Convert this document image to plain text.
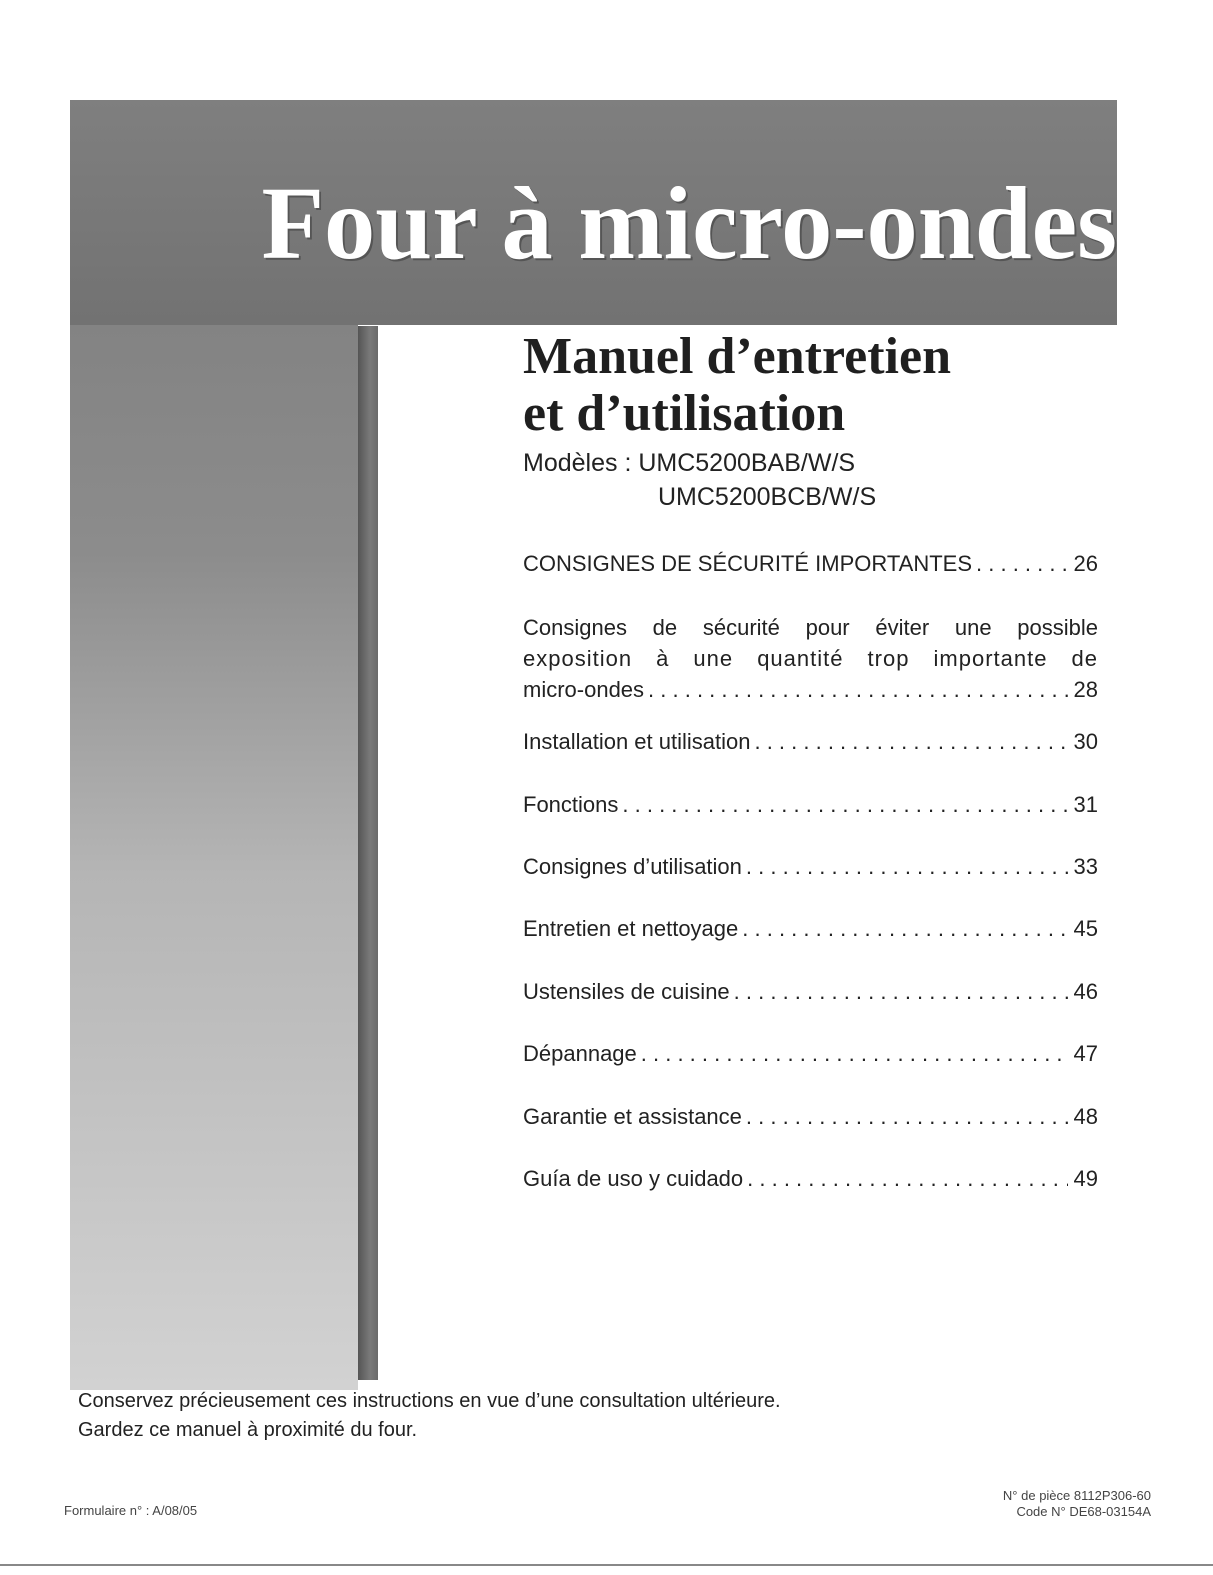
Four à micro-ondes
Manuel d’entretien
et d’utilisation
Modèles : UMC5200BAB/W/S
UMC5200BCB/W/S
CONSIGNES DE SÉCURITÉ IMPORTANTES . . .	26
Consignes de sécurité pour éviter une possible
exposition à une quantité trop importante de
micro-ondes . . .	28
Installation et utilisation . . .	30
Fonctions . . .	31
Consignes d’utilisation . . .	33
Entretien et nettoyage . . .	45
Ustensiles de cuisine . . .	46
Dépannage . . .	47
Garantie et assistance . . .	48
Guía de uso y cuidado . . .	49
Conservez précieusement ces instructions en vue d’une consultation ultérieure.
Gardez ce manuel à proximité du four.
Formulaire n° : A/08/05
N° de pièce 8112P306-60
Code N° DE68-03154A
